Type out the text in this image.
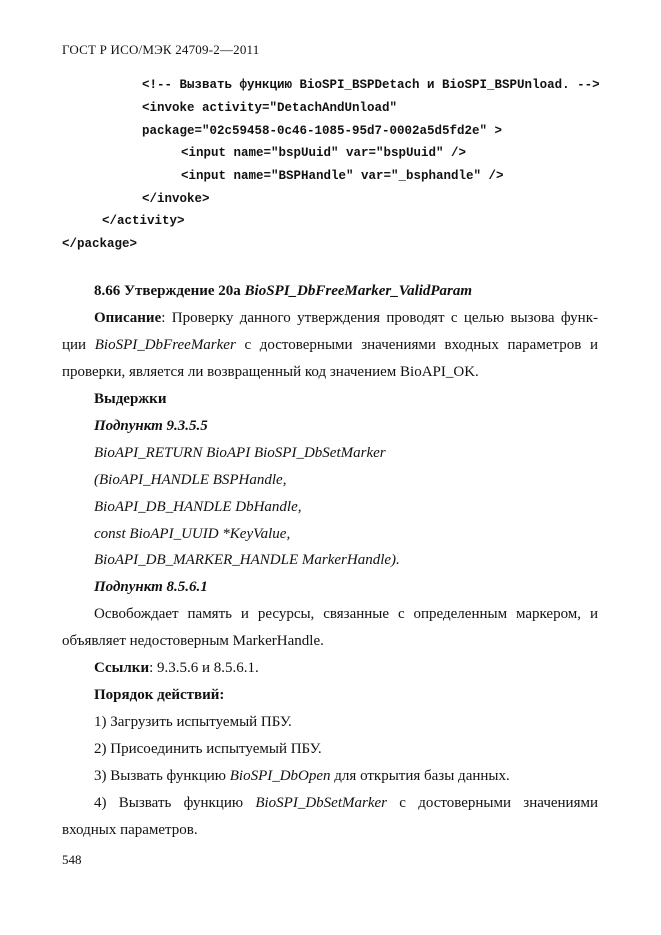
ГОСТ Р ИСО/МЭК 24709-2—2011
<!-- Вызвать функцию BioSPI_BSPDetach и BioSPI_BSPUnload. -->
<invoke activity="DetachAndUnload"
package="02c59458-0c46-1085-95d7-0002a5d5fd2e" >
<input name="bspUuid" var="bspUuid" />
<input name="BSPHandle" var="_bsphandle" />
</invoke>
</activity>
</package>
8.66 Утверждение 20а BioSPI_DbFreeMarker_ValidParam
Описание: Проверку данного утверждения проводят с целью вызова функ-
ции BioSPI_DbFreeMarker с достоверными значениями входных параметров и
проверки, является ли возвращенный код значением BioAPI_OK.
Выдержки
Подпункт 9.3.5.5
BioAPI_RETURN BioAPI BioSPI_DbSetMarker
(BioAPI_HANDLE BSPHandle,
BioAPI_DB_HANDLE DbHandle,
const BioAPI_UUID *KeyValue,
BioAPI_DB_MARKER_HANDLE MarkerHandle).
Подпункт 8.5.6.1
Освобождает память и ресурсы, связанные с определенным маркером, и
объявляет недостоверным MarkerHandle.
Ссылки: 9.3.5.6 и 8.5.6.1.
Порядок действий:
1) Загрузить испытуемый ПБУ.
2) Присоединить испытуемый ПБУ.
3) Вызвать функцию BioSPI_DbOpen для открытия базы данных.
4) Вызвать функцию BioSPI_DbSetMarker с достоверными значениями
входных параметров.
548
